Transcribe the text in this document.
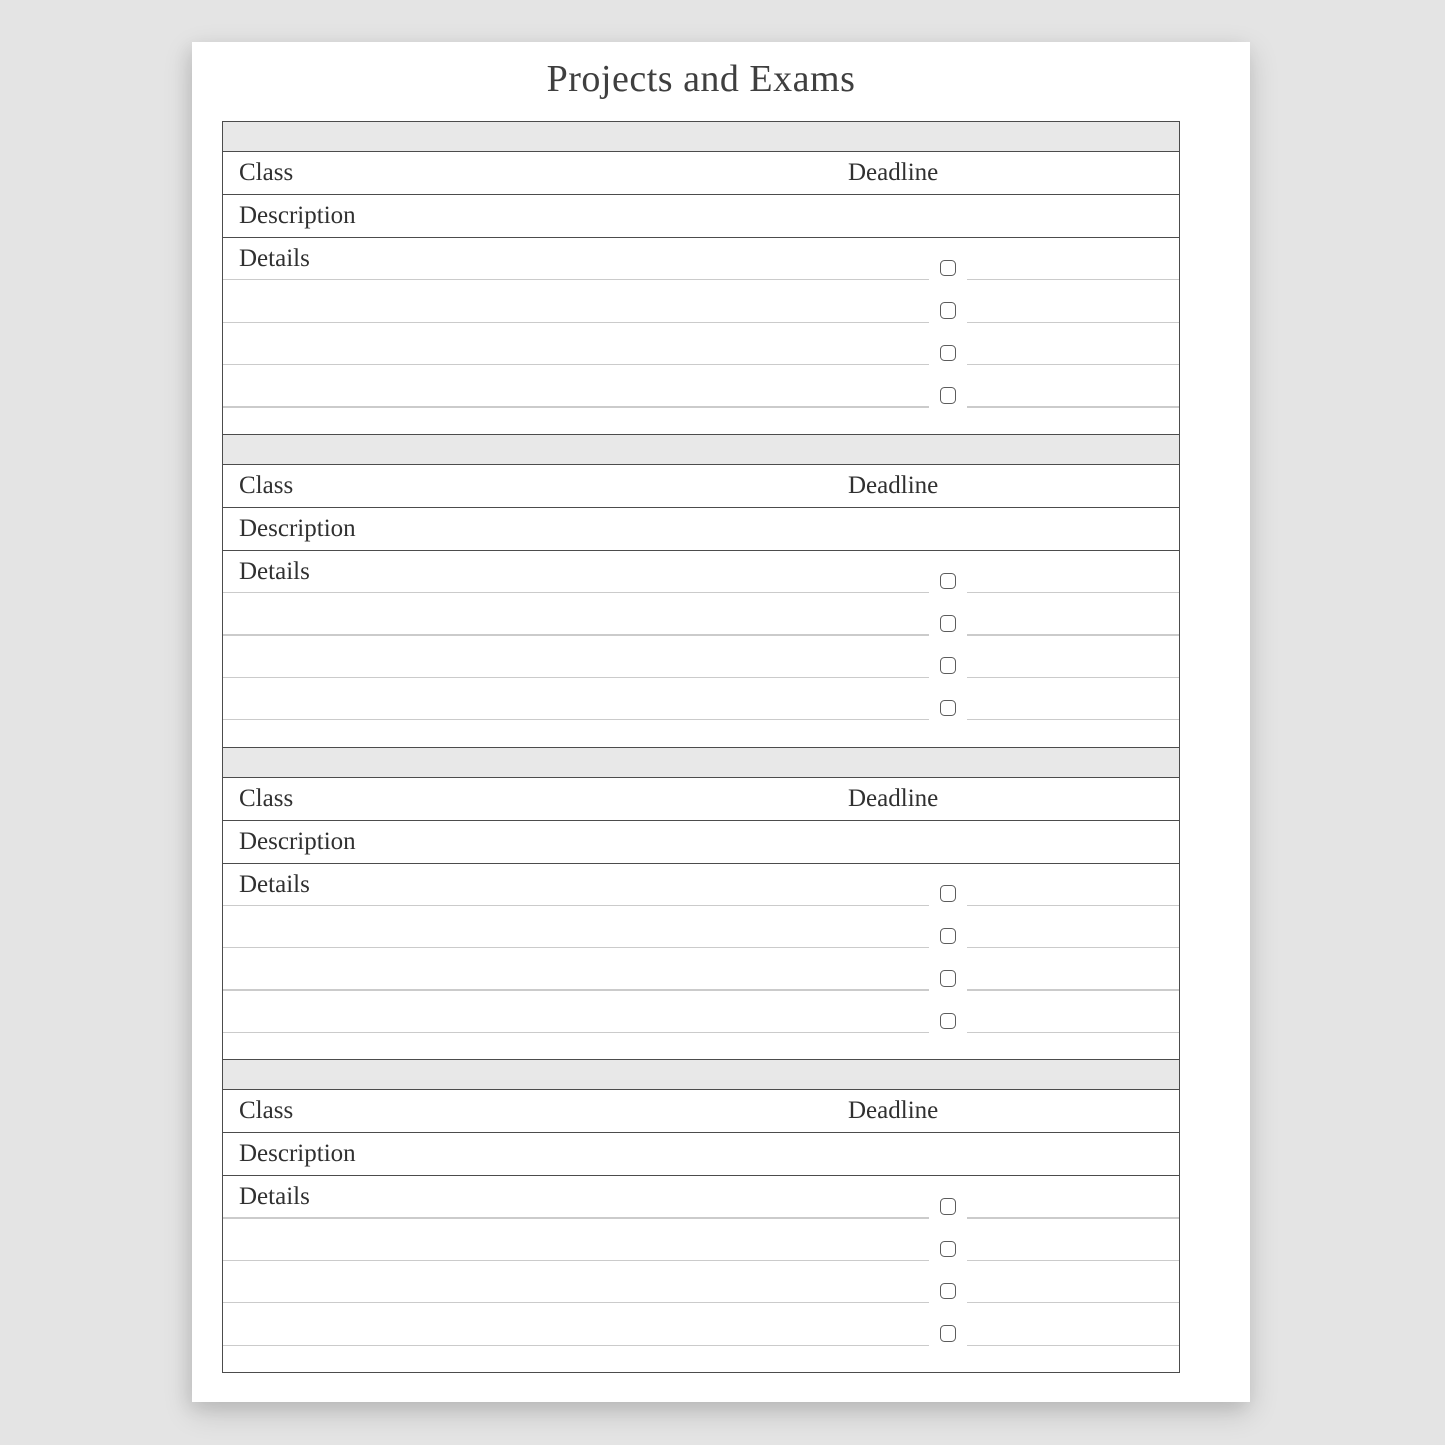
Projects and Exams
Class	Deadline
Description
Details
Class	Deadline
Description
Details
Class	Deadline
Description
Details
Class	Deadline
Description
Details
